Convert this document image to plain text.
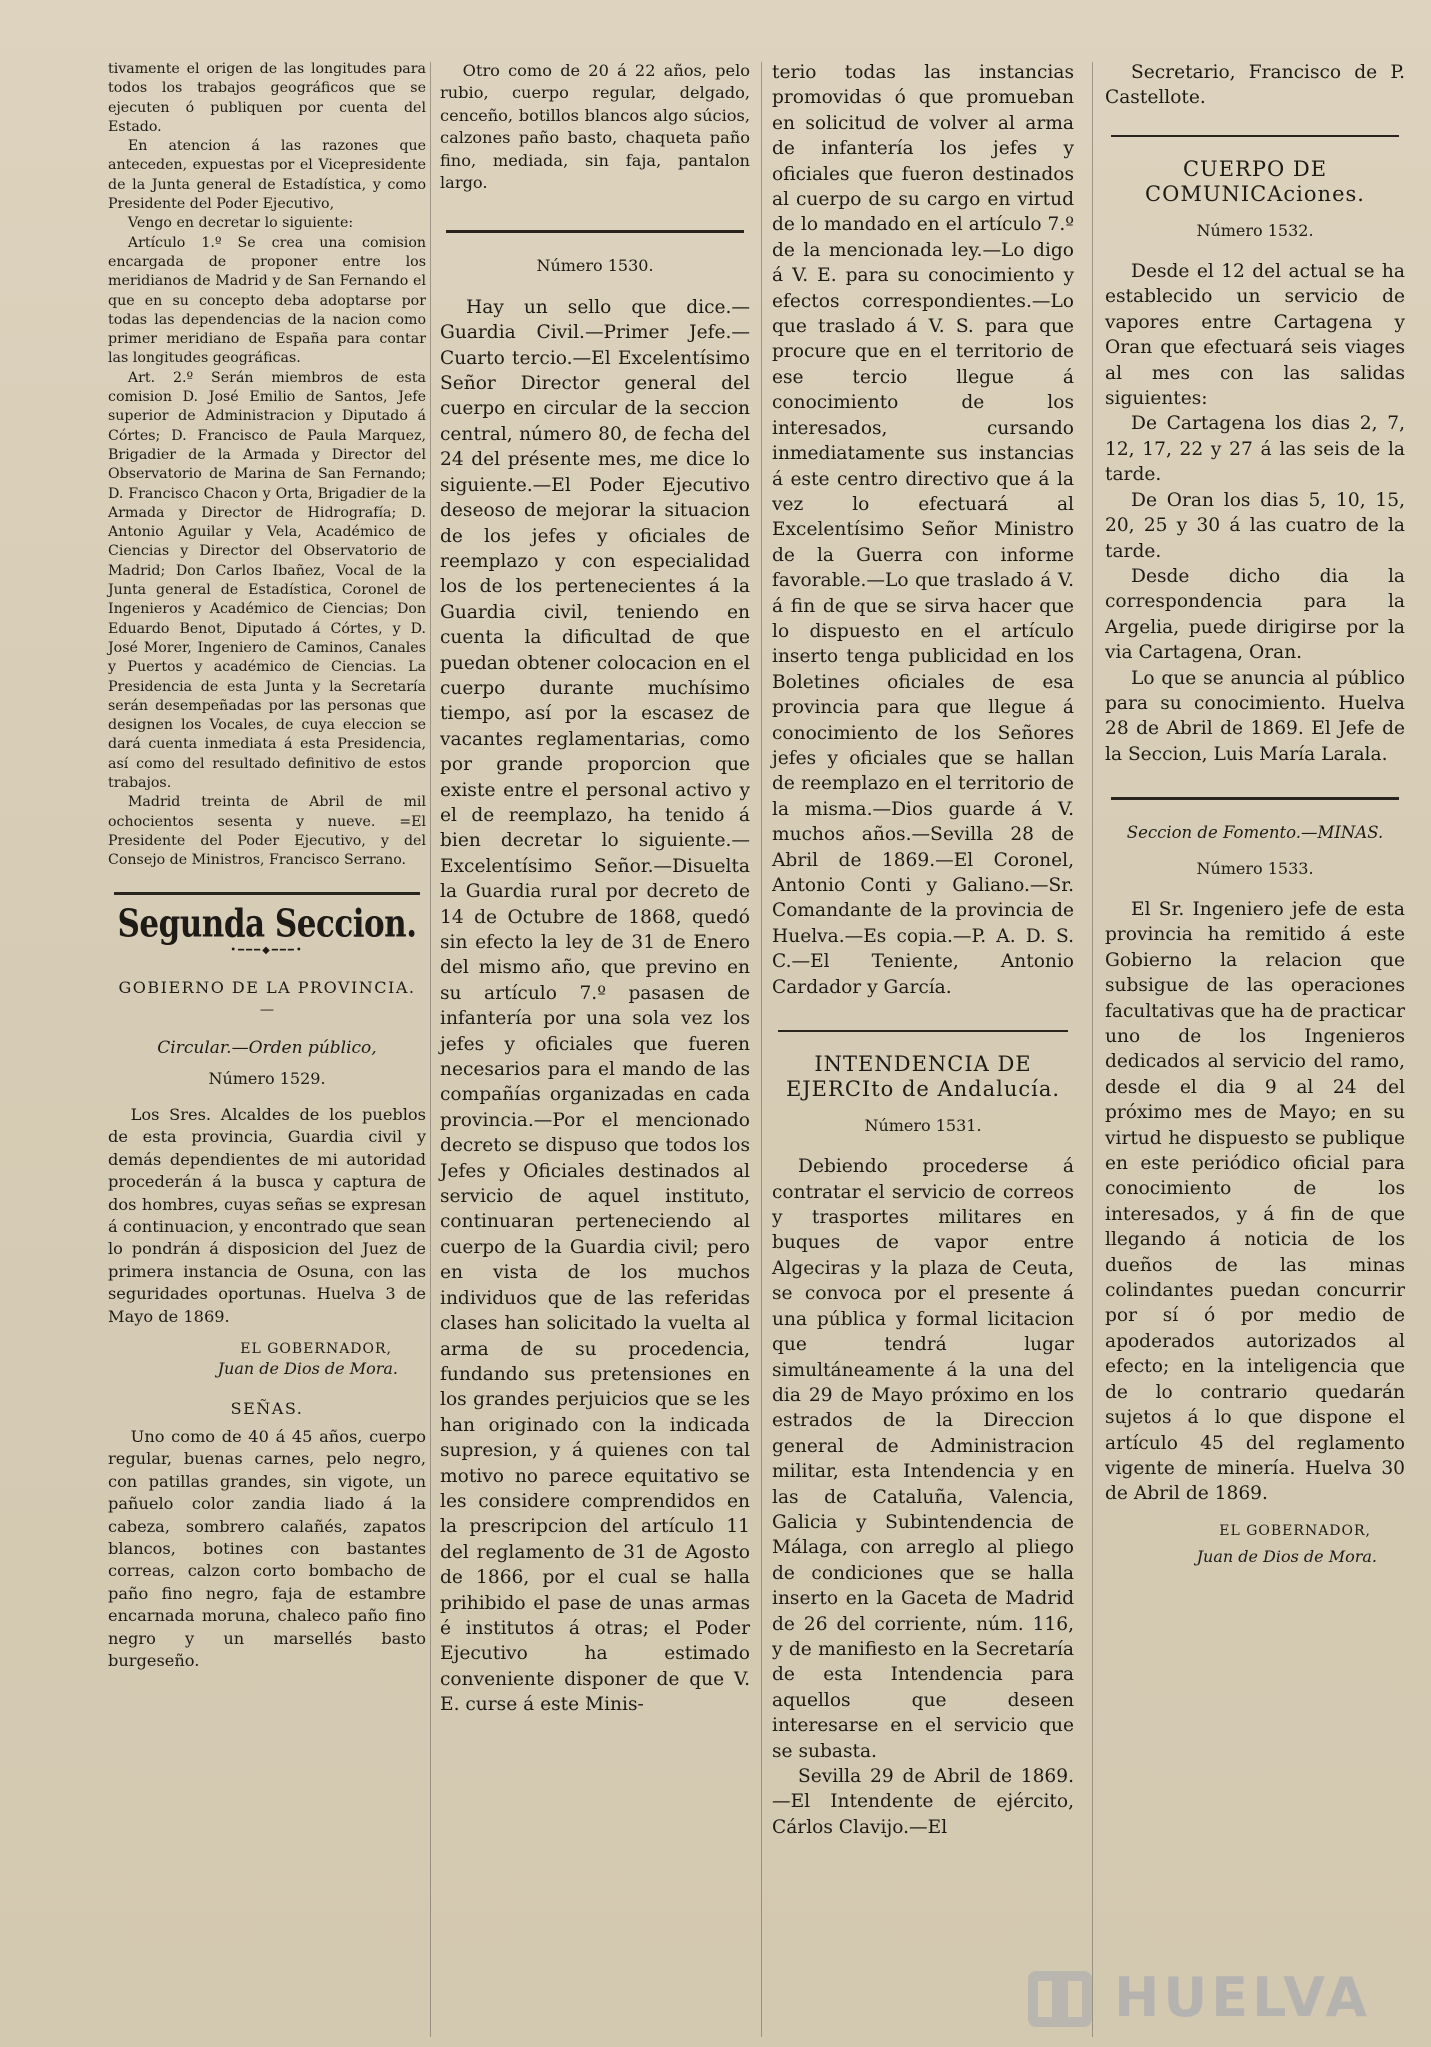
tivamente el origen de las longitudes para todos los trabajos geográficos que se ejecuten ó publiquen por cuenta del Estado.

En atencion á las razones que anteceden, expuestas por el Vicepresidente de la Junta general de Estadística, y como Presidente del Poder Ejecutivo,

Vengo en decretar lo siguiente:

Artículo 1.º Se crea una comision encargada de proponer entre los meridianos de Madrid y de San Fernando el que en su concepto deba adoptarse por todas las dependencias de la nacion como primer meridiano de España para contar las longitudes geográficas.

Art. 2.º Serán miembros de esta comision D. José Emilio de Santos, Jefe superior de Administracion y Diputado á Córtes; D. Francisco de Paula Marquez, Brigadier de la Armada y Director del Observatorio de Marina de San Fernando; D. Francisco Chacon y Orta, Brigadier de la Armada y Director de Hidrografía; D. Antonio Aguilar y Vela, Académico de Ciencias y Director del Observatorio de Madrid; Don Carlos Ibañez, Vocal de la Junta general de Estadística, Coronel de Ingenieros y Académico de Ciencias; Don Eduardo Benot, Diputado á Córtes, y D. José Morer, Ingeniero de Caminos, Canales y Puertos y académico de Ciencias. La Presidencia de esta Junta y la Secretaría serán desempeñadas por las personas que designen los Vocales, de cuya eleccion se dará cuenta inmediata á esta Presidencia, así como del resultado definitivo de estos trabajos.

Madrid treinta de Abril de mil ochocientos sesenta y nueve. =El Presidente del Poder Ejecutivo, y del Consejo de Ministros, Francisco Serrano.

Segunda Seccion.
•━━━◆━━━•
GOBIERNO DE LA PROVINCIA.
—

Circular.—Orden público,

Número 1529.

Los Sres. Alcaldes de los pueblos de esta provincia, Guardia civil y demás dependientes de mi autoridad procederán á la busca y captura de dos hombres, cuyas señas se expresan á continuacion, y encontrado que sean lo pondrán á disposicion del Juez de primera instancia de Osuna, con las seguridades oportunas. Huelva 3 de Mayo de 1869.

EL GOBERNADOR,
Juan de Dios de Mora.
SEÑAS.

Uno como de 40 á 45 años, cuerpo regular, buenas carnes, pelo negro, con patillas grandes, sin vigote, un pañuelo color zandia liado á la cabeza, sombrero calañés, zapatos blancos, botines con bastantes correas, calzon corto bombacho de paño fino negro, faja de estambre encarnada moruna, chaleco paño fino negro y un marsellés basto burgeseño.

Otro como de 20 á 22 años, pelo rubio, cuerpo regular, delgado, cenceño, botillos blancos algo súcios, calzones paño basto, chaqueta paño fino, mediada, sin faja, pantalon largo.

Número 1530.

Hay un sello que dice.—Guardia Civil.—Primer Jefe.—Cuarto tercio.—El Excelentísimo Señor Director general del cuerpo en circular de la seccion central, número 80, de fecha del 24 del présente mes, me dice lo siguiente.—El Poder Ejecutivo deseoso de mejorar la situacion de los jefes y oficiales de reemplazo y con especialidad los de los pertenecientes á la Guardia civil, teniendo en cuenta la dificultad de que puedan obtener colocacion en el cuerpo durante muchísimo tiempo, así por la escasez de vacantes reglamentarias, como por grande proporcion que existe entre el personal activo y el de reemplazo, ha tenido á bien decretar lo siguiente.—Excelentísimo Señor.—Disuelta la Guardia rural por decreto de 14 de Octubre de 1868, quedó sin efecto la ley de 31 de Enero del mismo año, que previno en su artículo 7.º pasasen de infantería por una sola vez los jefes y oficiales que fueren necesarios para el mando de las compañías organizadas en cada provincia.—Por el mencionado decreto se dispuso que todos los Jefes y Oficiales destinados al servicio de aquel instituto, continuaran perteneciendo al cuerpo de la Guardia civil; pero en vista de los muchos individuos que de las referidas clases han solicitado la vuelta al arma de su procedencia, fundando sus pretensiones en los grandes perjuicios que se les han originado con la indicada supresion, y á quienes con tal motivo no parece equitativo se les considere comprendidos en la prescripcion del artículo 11 del reglamento de 31 de Agosto de 1866, por el cual se halla prihibido el pase de unas armas é institutos á otras; el Poder Ejecutivo ha estimado conveniente disponer de que V. E. curse á este Minis-

terio todas las instancias promovidas ó que promueban en solicitud de volver al arma de infantería los jefes y oficiales que fueron destinados al cuerpo de su cargo en virtud de lo mandado en el artículo 7.º de la mencionada ley.—Lo digo á V. E. para su conocimiento y efectos correspondientes.—Lo que traslado á V. S. para que procure que en el territorio de ese tercio llegue á conocimiento de los interesados, cursando inmediatamente sus instancias á este centro directivo que á la vez lo efectuará al Excelentísimo Señor Ministro de la Guerra con informe favorable.—Lo que traslado á V. á fin de que se sirva hacer que lo dispuesto en el artículo inserto tenga publicidad en los Boletines oficiales de esa provincia para que llegue á conocimiento de los Señores jefes y oficiales que se hallan de reemplazo en el territorio de la misma.—Dios guarde á V. muchos años.—Sevilla 28 de Abril de 1869.—El Coronel, Antonio Conti y Galiano.—Sr. Comandante de la provincia de Huelva.—Es copia.—P. A. D. S. C.—El Teniente, Antonio Cardador y García.

INTENDENCIA DE EJERCIto de Andalucía.
Número 1531.

Debiendo procederse á contratar el servicio de correos y trasportes militares en buques de vapor entre Algeciras y la plaza de Ceuta, se convoca por el presente á una pública y formal licitacion que tendrá lugar simultáneamente á la una del dia 29 de Mayo próximo en los estrados de la Direccion general de Administracion militar, esta Intendencia y en las de Cataluña, Valencia, Galicia y Subintendencia de Málaga, con arreglo al pliego de condiciones que se halla inserto en la Gaceta de Madrid de 26 del corriente, núm. 116, y de manifiesto en la Secretaría de esta Intendencia para aquellos que deseen interesarse en el servicio que se subasta.

Sevilla 29 de Abril de 1869.—El Intendente de ejército, Cárlos Clavijo.—El

Secretario, Francisco de P. Castellote.

CUERPO DE COMUNICAciones.
Número 1532.

Desde el 12 del actual se ha establecido un servicio de vapores entre Cartagena y Oran que efectuará seis viages al mes con las salidas siguientes:

De Cartagena los dias 2, 7, 12, 17, 22 y 27 á las seis de la tarde.

De Oran los dias 5, 10, 15, 20, 25 y 30 á las cuatro de la tarde.

Desde dicho dia la correspondencia para la Argelia, puede dirigirse por la via Cartagena, Oran.

Lo que se anuncia al público para su conocimiento. Huelva 28 de Abril de 1869. El Jefe de la Seccion, Luis María Larala.

Seccion de Fomento.—MINAS.

Número 1533.

El Sr. Ingeniero jefe de esta provincia ha remitido á este Gobierno la relacion que subsigue de las operaciones facultativas que ha de practicar uno de los Ingenieros dedicados al servicio del ramo, desde el dia 9 al 24 del próximo mes de Mayo; en su virtud he dispuesto se publique en este periódico oficial para conocimiento de los interesados, y á fin de que llegando á noticia de los dueños de las minas colindantes puedan concurrir por sí ó por medio de apoderados autorizados al efecto; en la inteligencia que de lo contrario quedarán sujetos á lo que dispone el artículo 45 del reglamento vigente de minería. Huelva 30 de Abril de 1869.

EL GOBERNADOR,
Juan de Dios de Mora.
HUELVA
